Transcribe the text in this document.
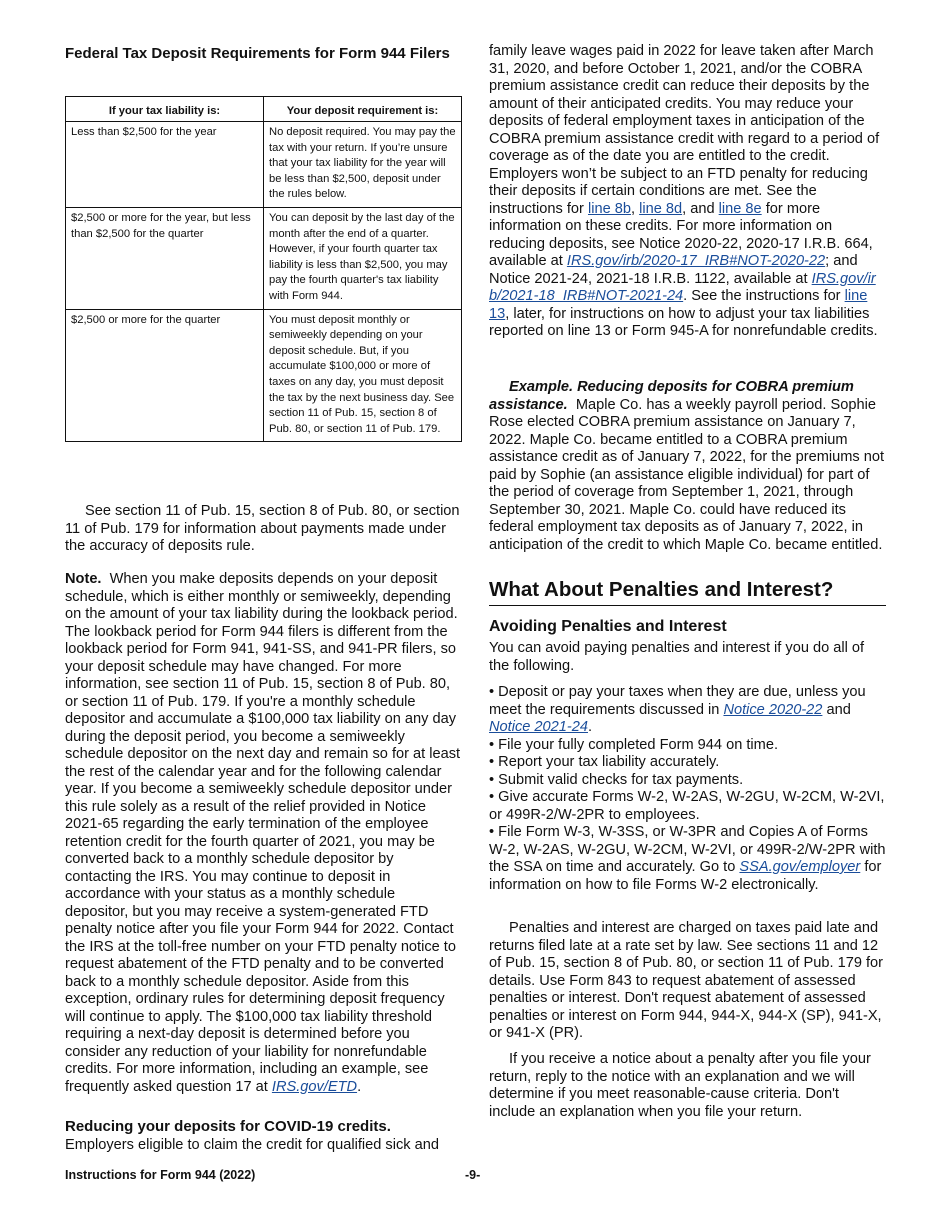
Federal Tax Deposit Requirements for Form 944 Filers
If your tax liability is:	Your deposit requirement is:
Less than $2,500 for the year	No deposit required. You may pay the tax with your return. If you’re unsure that your tax liability for the year will be less than $2,500, deposit under the rules below.
$2,500 or more for the year, but less than $2,500 for the quarter	You can deposit by the last day of the month after the end of a quarter. However, if your fourth quarter tax liability is less than $2,500, you may pay the fourth quarter's tax liability with Form 944.
$2,500 or more for the quarter	You must deposit monthly or semiweekly depending on your deposit schedule. But, if you accumulate $100,000 or more of taxes on any day, you must deposit the tax by the next business day. See section 11 of Pub. 15, section 8 of Pub. 80, or section 11 of Pub. 179.

See section 11 of Pub. 15, section 8 of Pub. 80, or section 11 of Pub. 179 for information about payments made under the accuracy of deposits rule.

Note. When you make deposits depends on your deposit schedule, which is either monthly or semiweekly, depending on the amount of your tax liability during the lookback period. The lookback period for Form 944 filers is different from the lookback period for Form 941, 941-SS, and 941-PR filers, so your deposit schedule may have changed. For more information, see section 11 of Pub. 15, section 8 of Pub. 80, or section 11 of Pub. 179. If you're a monthly schedule depositor and accumulate a $100,000 tax liability on any day during the deposit period, you become a semiweekly schedule depositor on the next day and remain so for at least the rest of the calendar year and for the following calendar year. If you become a semiweekly schedule depositor under this rule solely as a result of the relief provided in Notice 2021-65 regarding the early termination of the employee retention credit for the fourth quarter of 2021, you may be converted back to a monthly schedule depositor by contacting the IRS. You may continue to deposit in accordance with your status as a monthly schedule depositor, but you may receive a system-generated FTD penalty notice after you file your Form 944 for 2022. Contact the IRS at the toll-free number on your FTD penalty notice to request abatement of the FTD penalty and to be converted back to a monthly schedule depositor. Aside from this exception, ordinary rules for determining deposit frequency will continue to apply. The $100,000 tax liability threshold requiring a next-day deposit is determined before you consider any reduction of your liability for nonrefundable credits. For more information, including an example, see frequently asked question 17 at IRS.gov/ETD.

Reducing your deposits for COVID-19 credits.
Employers eligible to claim the credit for qualified sick and

Instructions for Form 944 (2022)	-9-

family leave wages paid in 2022 for leave taken after March 31, 2020, and before October 1, 2021, and/or the COBRA premium assistance credit can reduce their deposits by the amount of their anticipated credits. You may reduce your deposits of federal employment taxes in anticipation of the COBRA premium assistance credit with regard to a period of coverage as of the date you are entitled to the credit. Employers won’t be subject to an FTD penalty for reducing their deposits if certain conditions are met. See the instructions for line 8b, line 8d, and line 8e for more information on these credits. For more information on reducing deposits, see Notice 2020-22, 2020-17 I.R.B. 664, available at IRS.gov/irb/2020-17_IRB#NOT-2020-22; and Notice 2021-24, 2021-18 I.R.B. 1122, available at IRS.gov/irb/2021-18_IRB#NOT-2021-24. See the instructions for line 13, later, for instructions on how to adjust your tax liabilities reported on line 13 or Form 945-A for nonrefundable credits.

Example. Reducing deposits for COBRA premium assistance. Maple Co. has a weekly payroll period. Sophie Rose elected COBRA premium assistance on January 7, 2022. Maple Co. became entitled to a COBRA premium assistance credit as of January 7, 2022, for the premiums not paid by Sophie (an assistance eligible individual) for part of the period of coverage from September 1, 2021, through September 30, 2021. Maple Co. could have reduced its federal employment tax deposits as of January 7, 2022, in anticipation of the credit to which Maple Co. became entitled.

What About Penalties and Interest?
Avoiding Penalties and Interest

You can avoid paying penalties and interest if you do all of the following.

• Deposit or pay your taxes when they are due, unless you meet the requirements discussed in Notice 2020-22 and Notice 2021-24.
• File your fully completed Form 944 on time.
• Report your tax liability accurately.
• Submit valid checks for tax payments.
• Give accurate Forms W-2, W-2AS, W-2GU, W-2CM, W-2VI, or 499R-2/W-2PR to employees.
• File Form W-3, W-3SS, or W-3PR and Copies A of Forms W-2, W-2AS, W-2GU, W-2CM, W-2VI, or 499R-2/W-2PR with the SSA on time and accurately. Go to SSA.gov/employer for information on how to file Forms W-2 electronically.

Penalties and interest are charged on taxes paid late and returns filed late at a rate set by law. See sections 11 and 12 of Pub. 15, section 8 of Pub. 80, or section 11 of Pub. 179 for details. Use Form 843 to request abatement of assessed penalties or interest. Don't request abatement of assessed penalties or interest on Form 944, 944-X, 944-X (SP), 941-X, or 941-X (PR).

If you receive a notice about a penalty after you file your return, reply to the notice with an explanation and we will determine if you meet reasonable-cause criteria. Don't include an explanation when you file your return.
